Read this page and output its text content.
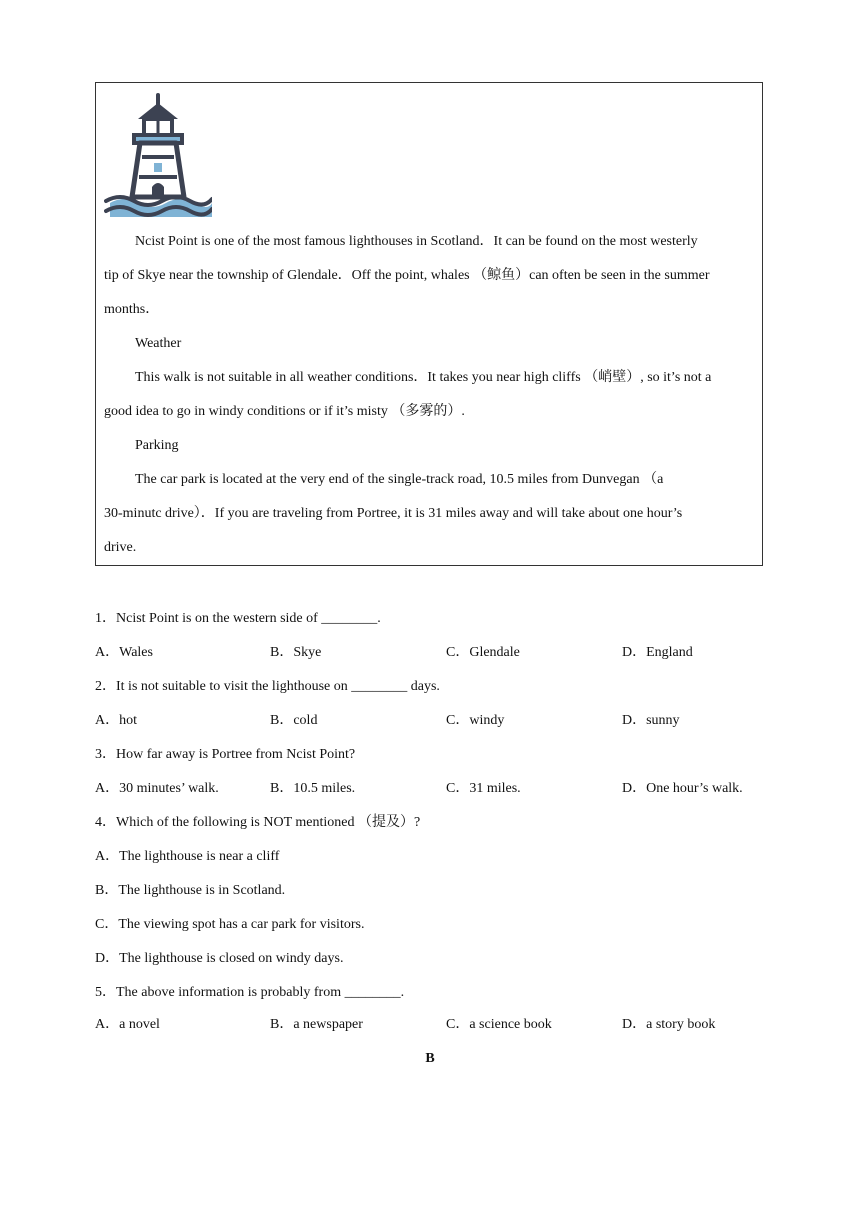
Ncist Point is one of the most famous lighthouses in Scotland．It can be found on the most westerly

tip of Skye near the township of Glendale．Off the point, whales （鲸鱼）can often be seen in the summer

months．

Weather

This walk is not suitable in all weather conditions．It takes you near high cliffs （峭壁）, so it’s not a

good idea to go in windy conditions or if it’s misty （多雾的）.

Parking

The car park is located at the very end of the single-track road, 10.5 miles from Dunvegan （a

30-minutc drive）．If you are traveling from Portree, it is 31 miles away and will take about one hour’s

drive.

1．Ncist Point is on the western side of ________.

A．Wales	B．Skye	C．Glendale	D．England

2．It is not suitable to visit the lighthouse on ________ days.

A．hot	B．cold	C．windy	D．sunny

3．How far away is Portree from Ncist Point?

A．30 minutes’ walk.	B．10.5 miles.	C．31 miles.	D．One hour’s walk.

4．Which of the following is NOT mentioned （提及）?

A．The lighthouse is near a cliff

B．The lighthouse is in Scotland.

C．The viewing spot has a car park for visitors.

D．The lighthouse is closed on windy days.

5．The above information is probably from ________.

A．a novel	B．a newspaper	C．a science book	D．a story book
B
